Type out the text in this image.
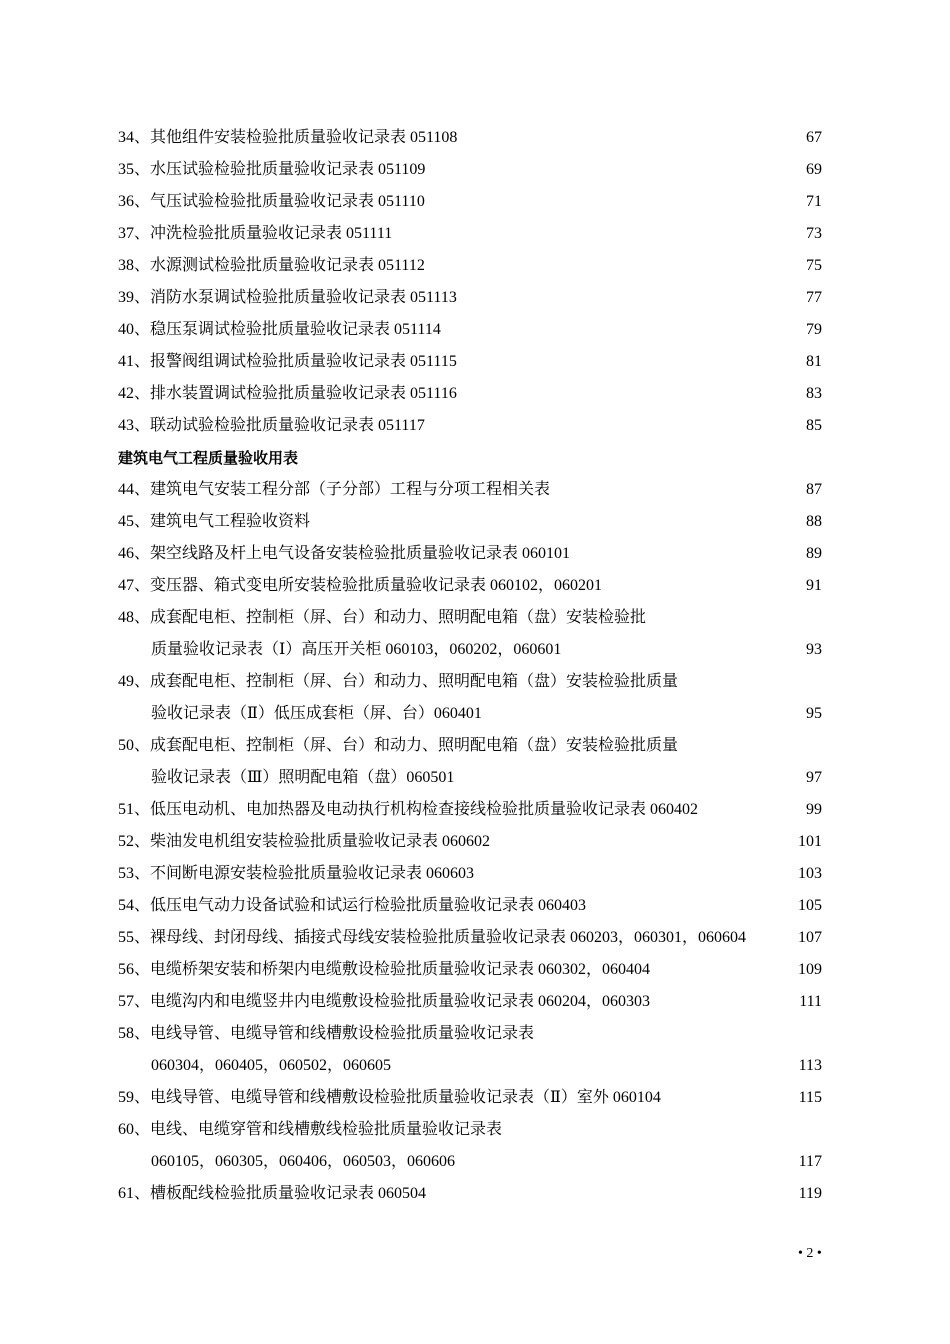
34、其他组件安装检验批质量验收记录表 051108	67
35、水压试验检验批质量验收记录表 051109	69
36、气压试验检验批质量验收记录表 051110	71
37、冲洗检验批质量验收记录表 051111	73
38、水源测试检验批质量验收记录表 051112	75
39、消防水泵调试检验批质量验收记录表 051113	77
40、稳压泵调试检验批质量验收记录表 051114	79
41、报警阀组调试检验批质量验收记录表 051115	81
42、排水装置调试检验批质量验收记录表 051116	83
43、联动试验检验批质量验收记录表 051117	85
建筑电气工程质量验收用表
44、建筑电气安装工程分部（子分部）工程与分项工程相关表	87
45、建筑电气工程验收资料	88
46、架空线路及杆上电气设备安装检验批质量验收记录表 060101	89
47、变压器、箱式变电所安装检验批质量验收记录表 060102，060201	91
48、成套配电柜、控制柜（屏、台）和动力、照明配电箱（盘）安装检验批
质量验收记录表（Ⅰ）高压开关柜 060103，060202，060601	93
49、成套配电柜、控制柜（屏、台）和动力、照明配电箱（盘）安装检验批质量
验收记录表（Ⅱ）低压成套柜（屏、台）060401	95
50、成套配电柜、控制柜（屏、台）和动力、照明配电箱（盘）安装检验批质量
验收记录表（Ⅲ）照明配电箱（盘）060501	97
51、低压电动机、电加热器及电动执行机构检查接线检验批质量验收记录表 060402	99
52、柴油发电机组安装检验批质量验收记录表 060602	101
53、不间断电源安装检验批质量验收记录表 060603	103
54、低压电气动力设备试验和试运行检验批质量验收记录表 060403	105
55、裸母线、封闭母线、插接式母线安装检验批质量验收记录表 060203，060301，060604	107
56、电缆桥架安装和桥架内电缆敷设检验批质量验收记录表 060302，060404	109
57、电缆沟内和电缆竖井内电缆敷设检验批质量验收记录表 060204，060303	111
58、电线导管、电缆导管和线槽敷设检验批质量验收记录表
060304，060405，060502，060605	113
59、电线导管、电缆导管和线槽敷设检验批质量验收记录表（Ⅱ）室外 060104	115
60、电线、电缆穿管和线槽敷线检验批质量验收记录表
060105，060305，060406，060503，060606	117
61、槽板配线检验批质量验收记录表 060504	119
• 2 •
